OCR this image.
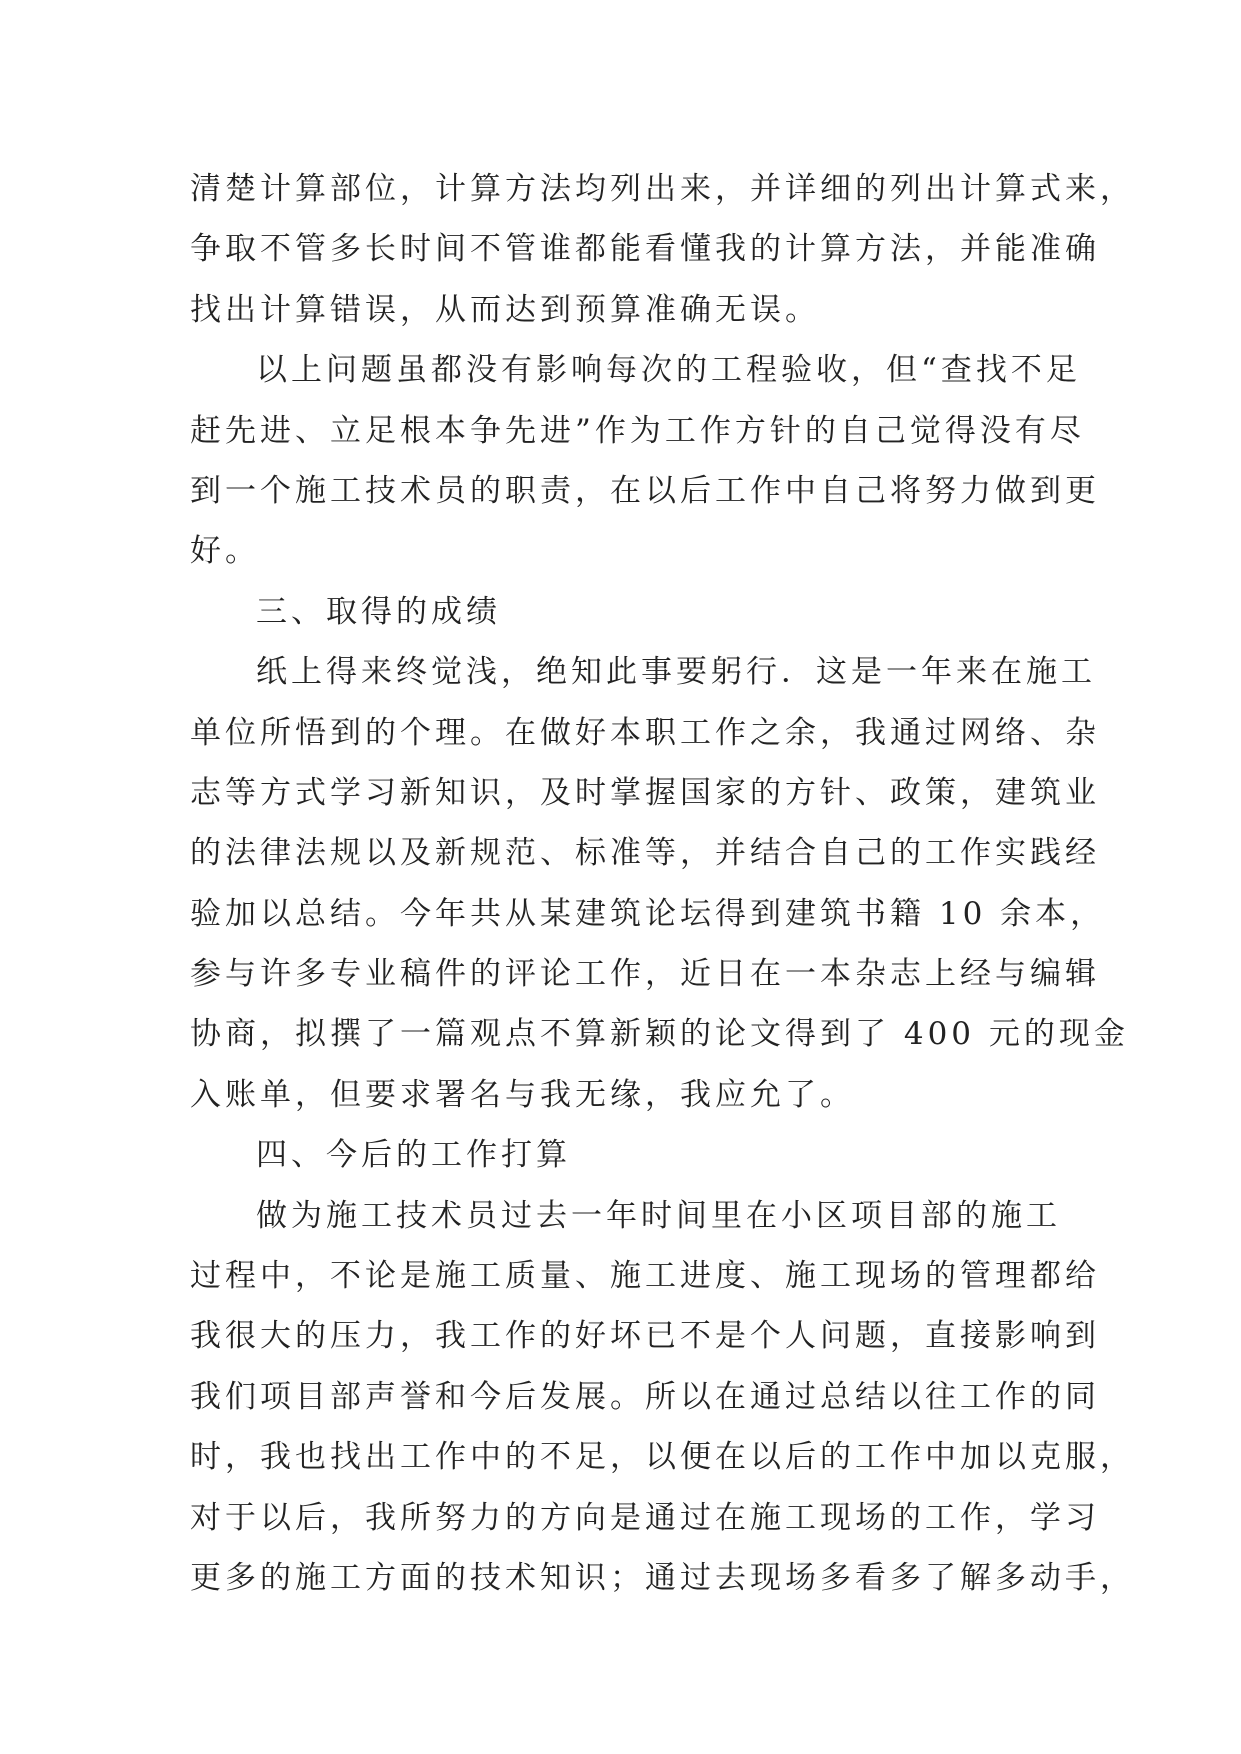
清楚计算部位，计算方法均列出来，并详细的列出计算式来，
争取不管多长时间不管谁都能看懂我的计算方法，并能准确
找出计算错误，从而达到预算准确无误。
以上问题虽都没有影响每次的工程验收，但“查找不足
赶先进、立足根本争先进”作为工作方针的自己觉得没有尽
到一个施工技术员的职责，在以后工作中自己将努力做到更
好。
三、取得的成绩
纸上得来终觉浅，绝知此事要躬行．这是一年来在施工
单位所悟到的个理。在做好本职工作之余，我通过网络、杂
志等方式学习新知识，及时掌握国家的方针、政策，建筑业
的法律法规以及新规范、标准等，并结合自己的工作实践经
验加以总结。今年共从某建筑论坛得到建筑书籍 10 余本，
参与许多专业稿件的评论工作，近日在一本杂志上经与编辑
协商，拟撰了一篇观点不算新颖的论文得到了 400 元的现金
入账单，但要求署名与我无缘，我应允了。
四、今后的工作打算
做为施工技术员过去一年时间里在小区项目部的施工
过程中，不论是施工质量、施工进度、施工现场的管理都给
我很大的压力，我工作的好坏已不是个人问题，直接影响到
我们项目部声誉和今后发展。所以在通过总结以往工作的同
时，我也找出工作中的不足，以便在以后的工作中加以克服，
对于以后，我所努力的方向是通过在施工现场的工作，学习
更多的施工方面的技术知识；通过去现场多看多了解多动手，
